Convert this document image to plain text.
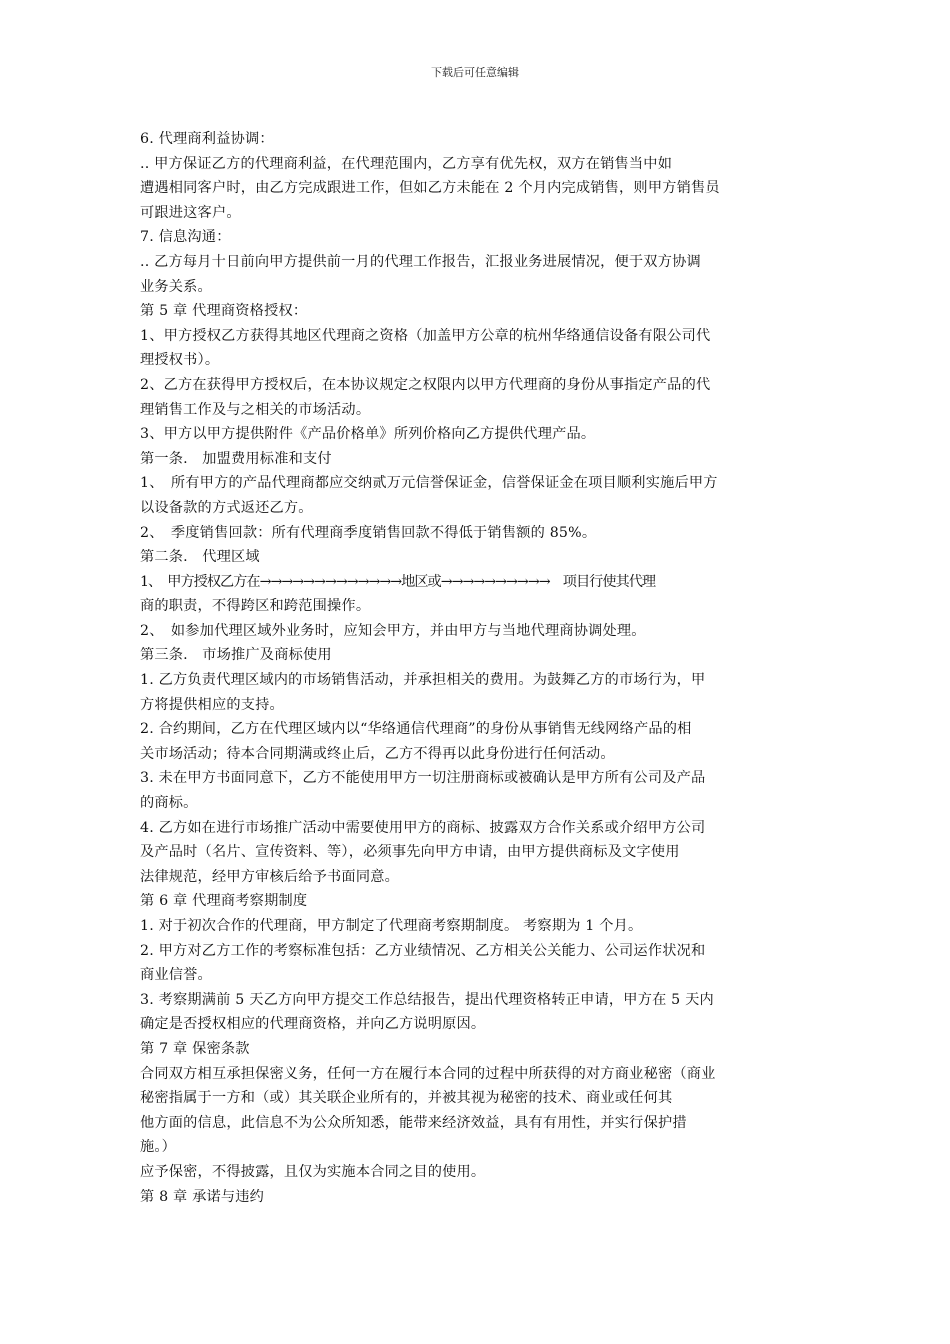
下载后可任意编辑
6. 代理商利益协调：
.. 甲方保证乙方的代理商利益，在代理范围内，乙方享有优先权，双方在销售当中如
遭遇相同客户时，由乙方完成跟进工作，但如乙方未能在 2 个月内完成销售，则甲方销售员
可跟进这客户。
7. 信息沟通：
.. 乙方每月十日前向甲方提供前一月的代理工作报告，汇报业务进展情况，便于双方协调
业务关系。
第 5 章 代理商资格授权：
1、甲方授权乙方获得其地区代理商之资格（加盖甲方公章的杭州华络通信设备有限公司代
理授权书）。
2、乙方在获得甲方授权后，在本协议规定之权限内以甲方代理商的身份从事指定产品的代
理销售工作及与之相关的市场活动。
3、甲方以甲方提供附件《产品价格单》所列价格向乙方提供代理产品。
第一条.　加盟费用标准和支付
1、　所有甲方的产品代理商都应交纳贰万元信誉保证金，信誉保证金在项目顺利实施后甲方
以设备款的方式返还乙方。
2、　季度销售回款：所有代理商季度销售回款不得低于销售额的 85%。
第二条.　代理区域
1、　甲方授权乙方在→→→→→→→→→→→→→地区或→→→→→→→→→→　项目行使其代理
商的职责，不得跨区和跨范围操作。
2、　如参加代理区域外业务时，应知会甲方，并由甲方与当地代理商协调处理。
第三条.　市场推广及商标使用
1. 乙方负责代理区域内的市场销售活动，并承担相关的费用。为鼓舞乙方的市场行为，甲
方将提供相应的支持。
2. 合约期间，乙方在代理区域内以“华络通信代理商”的身份从事销售无线网络产品的相
关市场活动；待本合同期满或终止后，乙方不得再以此身份进行任何活动。
3. 未在甲方书面同意下，乙方不能使用甲方一切注册商标或被确认是甲方所有公司及产品
的商标。
4. 乙方如在进行市场推广活动中需要使用甲方的商标、披露双方合作关系或介绍甲方公司
及产品时（名片、宣传资料、等），必须事先向甲方申请，由甲方提供商标及文字使用
法律规范，经甲方审核后给予书面同意。
第 6 章 代理商考察期制度
1. 对于初次合作的代理商，甲方制定了代理商考察期制度。 考察期为 1 个月。
2. 甲方对乙方工作的考察标准包括：乙方业绩情况、乙方相关公关能力、公司运作状况和
商业信誉。
3. 考察期满前 5 天乙方向甲方提交工作总结报告，提出代理资格转正申请，甲方在 5 天内
确定是否授权相应的代理商资格，并向乙方说明原因。
第 7 章 保密条款
合同双方相互承担保密义务，任何一方在履行本合同的过程中所获得的对方商业秘密（商业
秘密指属于一方和（或）其关联企业所有的，并被其视为秘密的技术、商业或任何其
他方面的信息，此信息不为公众所知悉，能带来经济效益，具有有用性，并实行保护措
施。）
应予保密，不得披露，且仅为实施本合同之目的使用。
第 8 章 承诺与违约
